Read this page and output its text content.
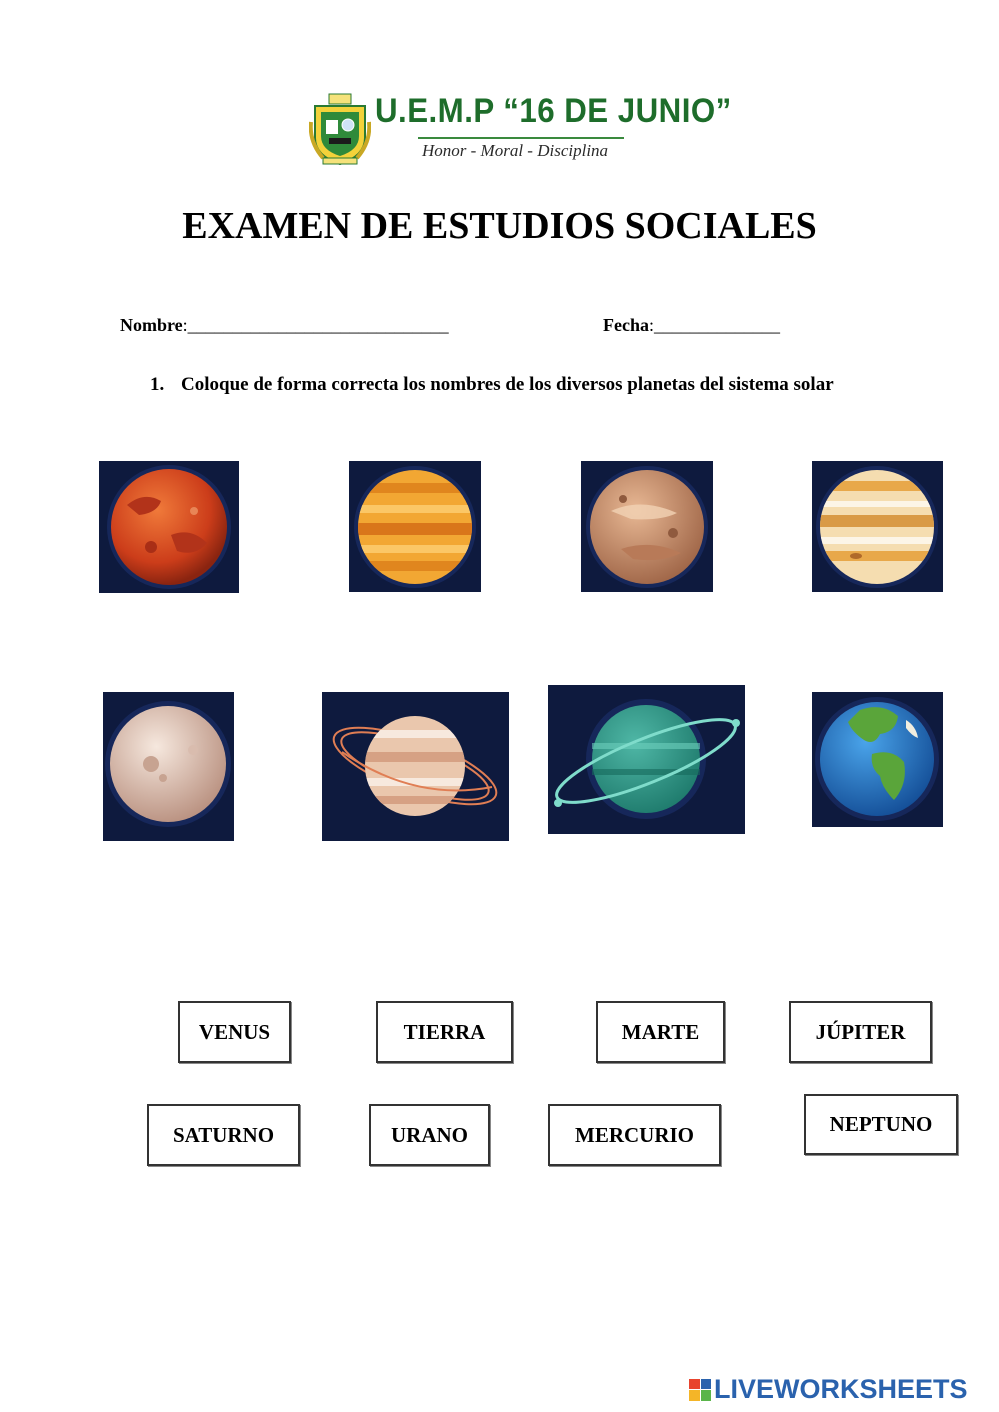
U.E.M.P “16 DE JUNIO”
Honor - Moral - Disciplina
EXAMEN DE ESTUDIOS SOCIALES
Nombre:_____________________________	Fecha:______________
1. Coloque de forma correcta los nombres de los diversos planetas del sistema solar
VENUS	TIERRA	MARTE	JÚPITER
SATURNO	URANO	MERCURIO	NEPTUNO
LIVEWORKSHEETS
